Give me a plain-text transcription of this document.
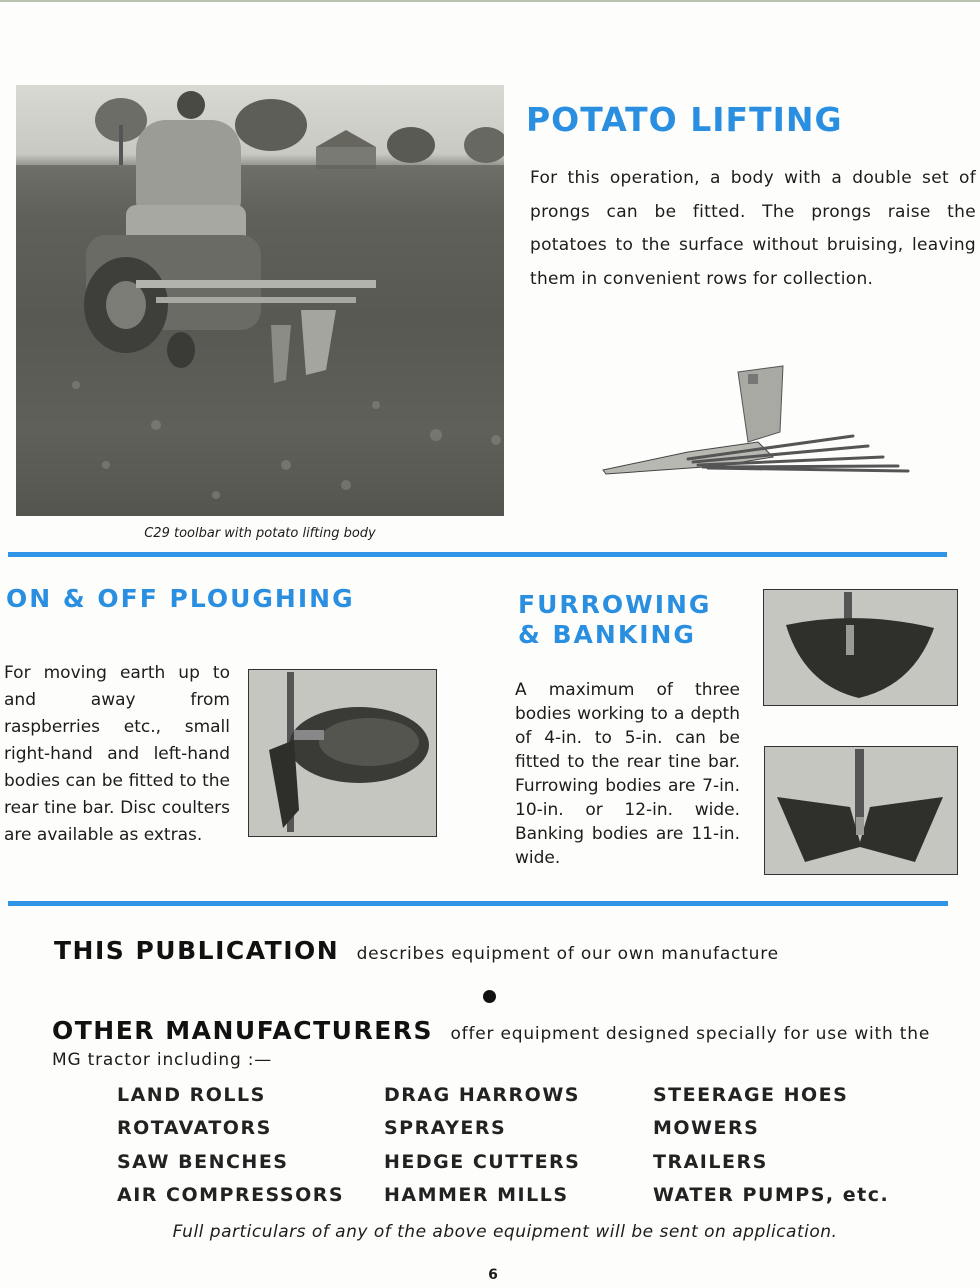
C29 toolbar with potato lifting body
POTATO LIFTING
For this operation, a body with a double set of prongs can be fitted. The prongs raise the potatoes to the surface without bruising, leaving them in convenient rows for collection.
ON & OFF PLOUGHING
For moving earth up to and away from raspberries etc., small right-hand and left-hand bodies can be fitted to the rear tine bar. Disc coulters are available as extras.
FURROWING
& BANKING
A maximum of three bodies working to a depth of 4-in. to 5-in. can be fitted to the rear tine bar. Furrowing bodies are 7-in. 10-in. or 12-in. wide. Banking bodies are 11-in. wide.
THIS PUBLICATION describes equipment of our own manufacture
OTHER MANUFACTURERS offer equipment designed specially for use with the MG tractor including :—
LAND ROLLS
ROTAVATORS
SAW BENCHES
AIR COMPRESSORS
DRAG HARROWS
SPRAYERS
HEDGE CUTTERS
HAMMER MILLS
STEERAGE HOES
MOWERS
TRAILERS
WATER PUMPS, etc.
Full particulars of any of the above equipment will be sent on application.
6
